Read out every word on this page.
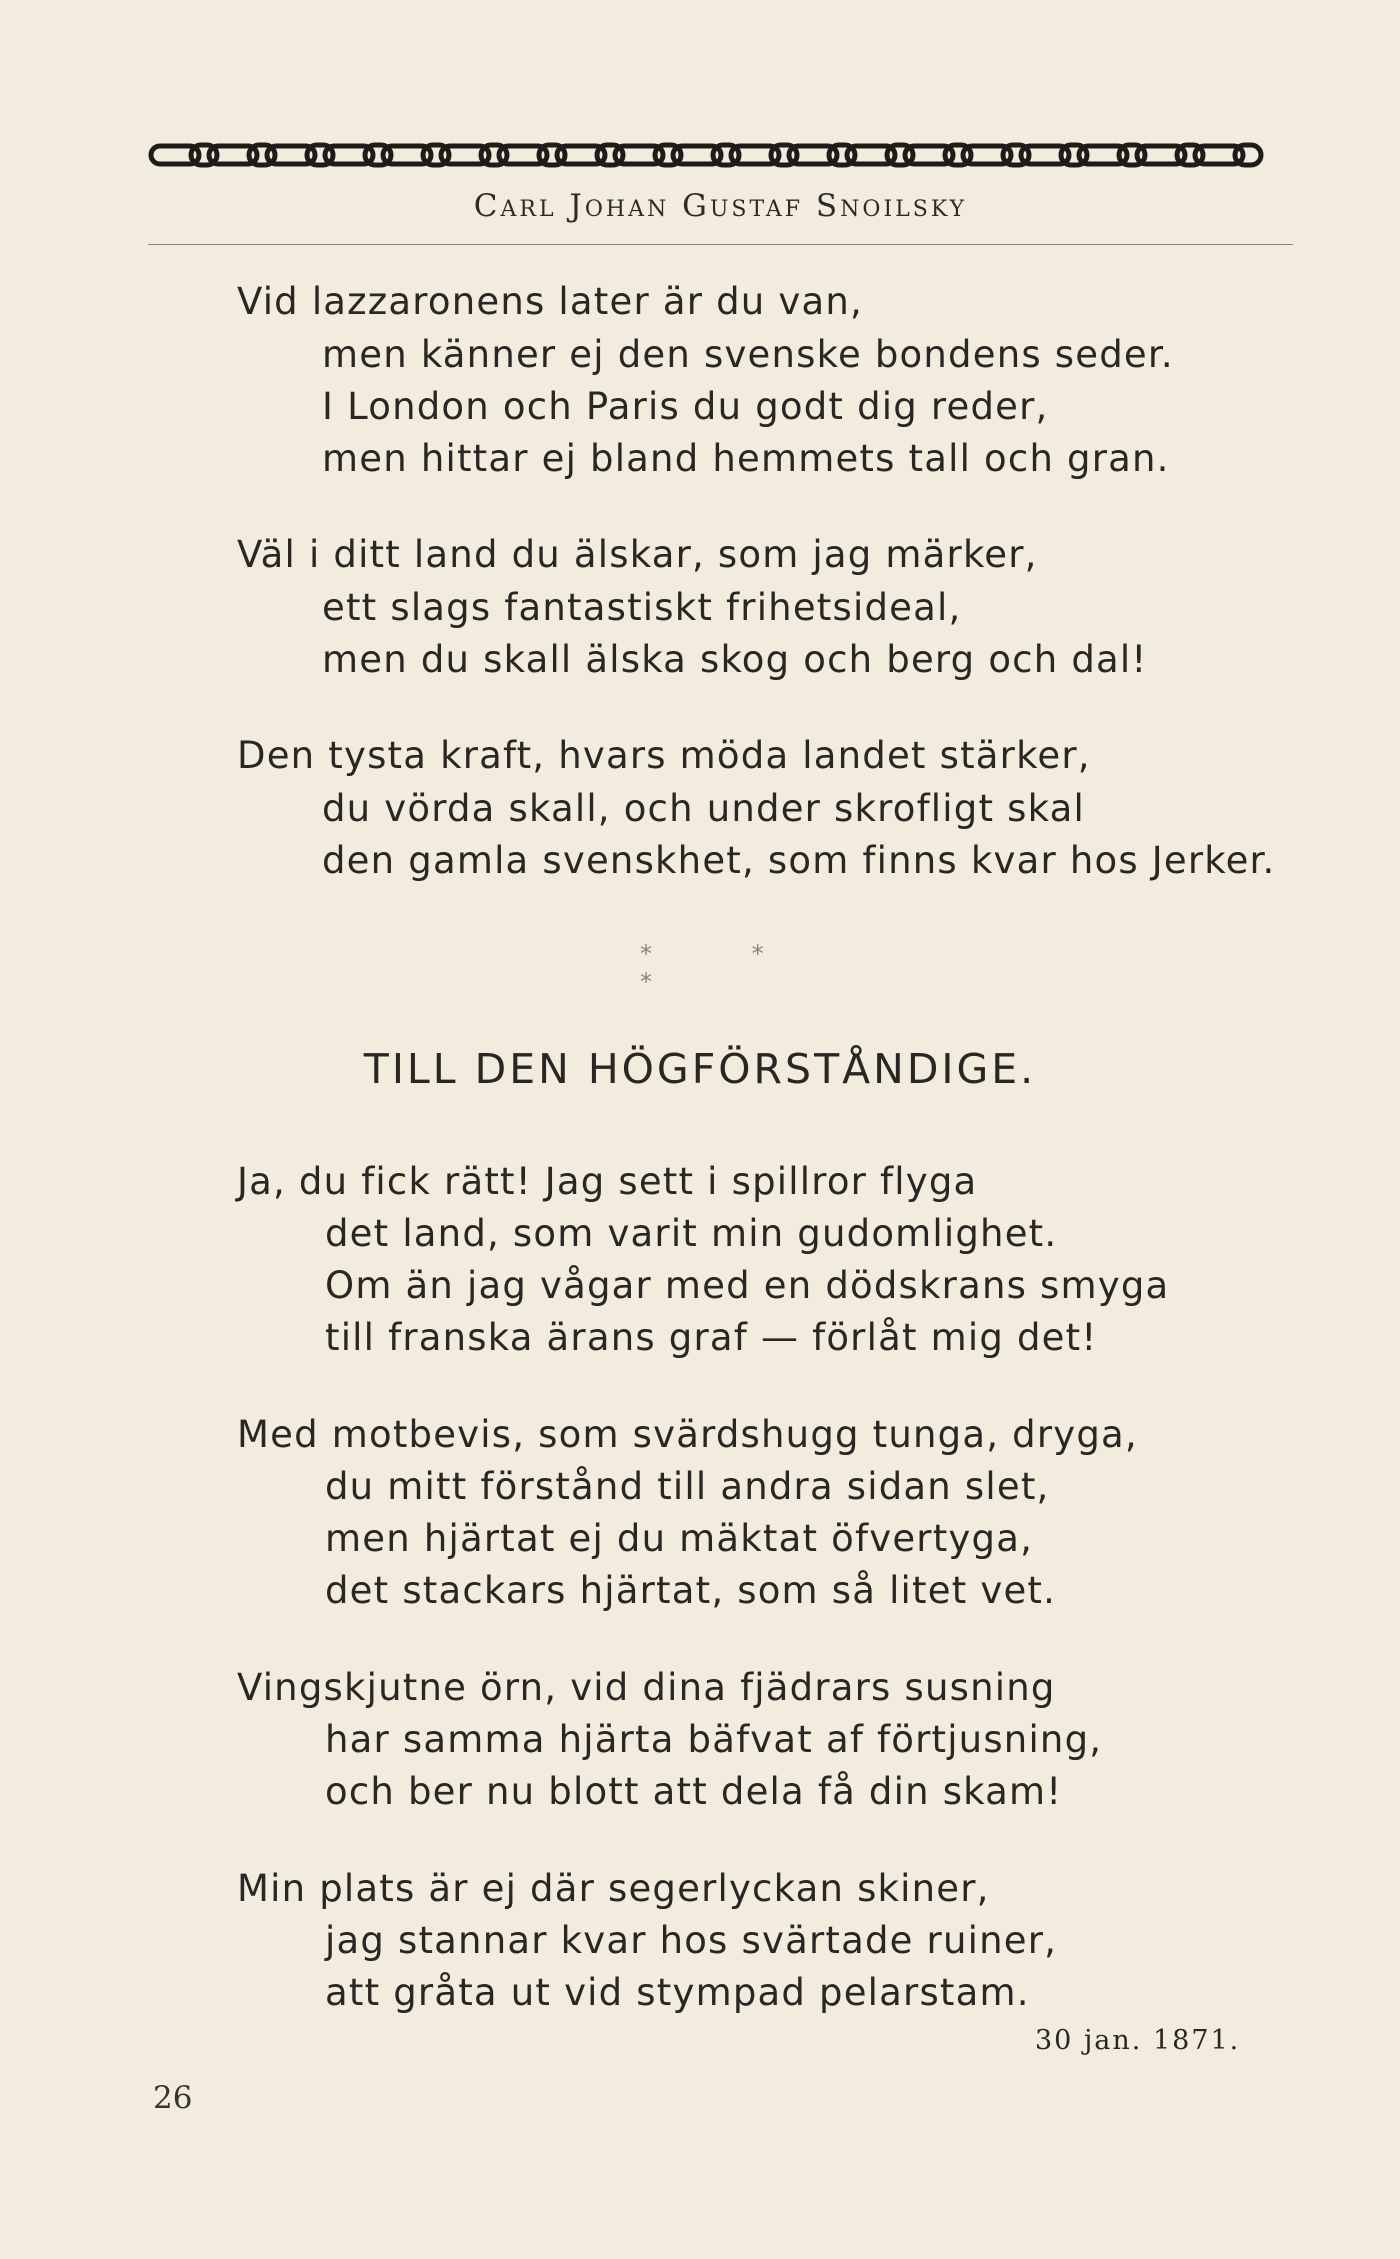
Carl Johan Gustaf Snoilsky
Vid lazzaronens later är du van,
men känner ej den svenske bondens seder.
I London och Paris du godt dig reder,
men hittar ej bland hemmets tall och gran.
Väl i ditt land du älskar, som jag märker,
ett slags fantastiskt frihetsideal,
men du skall älska skog och berg och dal!
Den tysta kraft, hvars möda landet stärker,
du vörda skall, och under skrofligt skal
den gamla svenskhet, som finns kvar hos Jerker.
* * *
TILL DEN HÖGFÖRSTÅNDIGE.
Ja, du fick rätt! Jag sett i spillror flyga
det land, som varit min gudomlighet.
Om än jag vågar med en dödskrans smyga
till franska ärans graf — förlåt mig det!
Med motbevis, som svärdshugg tunga, dryga,
du mitt förstånd till andra sidan slet,
men hjärtat ej du mäktat öfvertyga,
det stackars hjärtat, som så litet vet.
Vingskjutne örn, vid dina fjädrars susning
har samma hjärta bäfvat af förtjusning,
och ber nu blott att dela få din skam!
Min plats är ej där segerlyckan skiner,
jag stannar kvar hos svärtade ruiner,
att gråta ut vid stympad pelarstam.
30 jan. 1871.
26
